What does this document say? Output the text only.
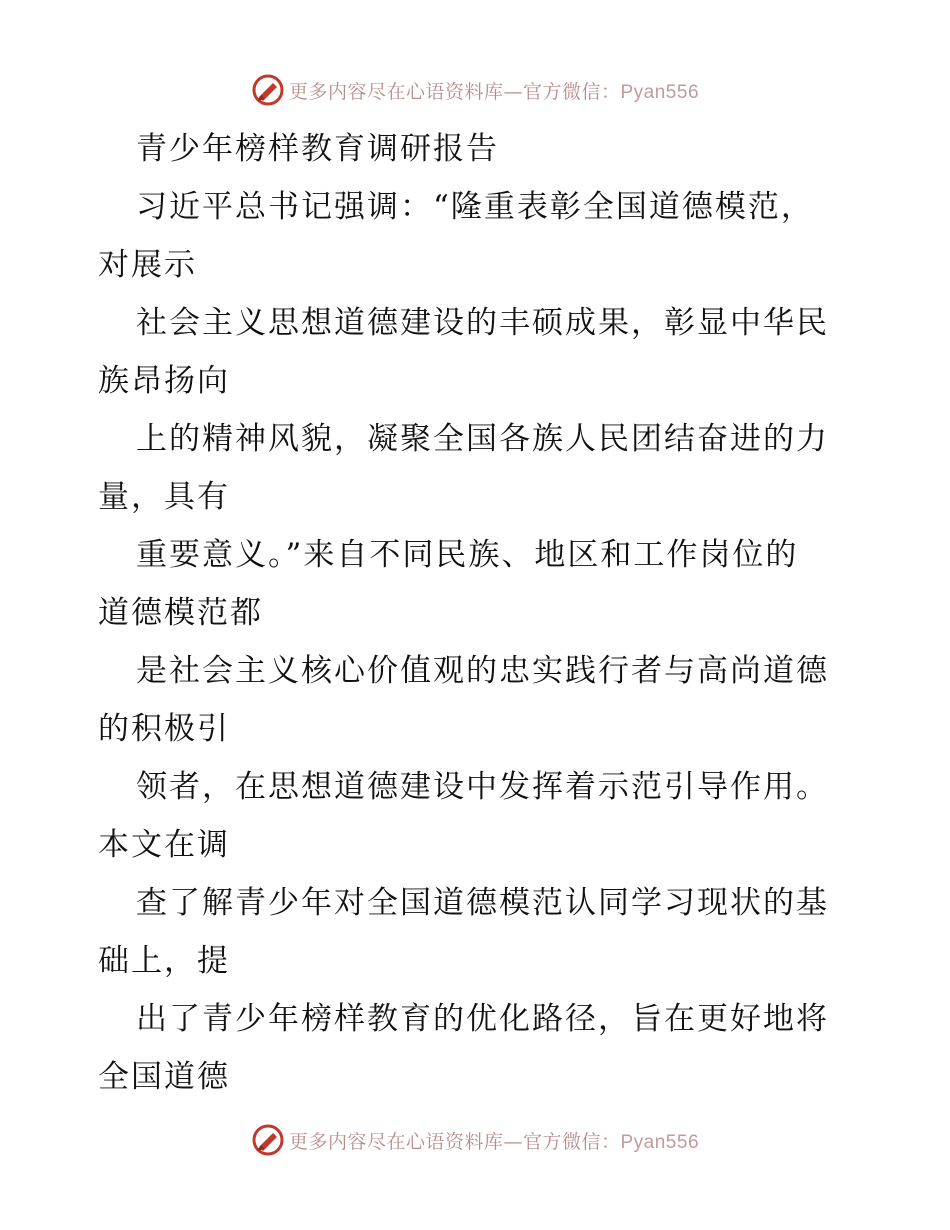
更多内容尽在心语资料库—官方微信：Pyan556
青少年榜样教育调研报告
习近平总书记强调：“隆重表彰全国道德模范，
对展示
社会主义思想道德建设的丰硕成果，彰显中华民
族昂扬向
上的精神风貌，凝聚全国各族人民团结奋进的力
量，具有
重要意义。”来自不同民族、地区和工作岗位的
道德模范都
是社会主义核心价值观的忠实践行者与高尚道德
的积极引
领者，在思想道德建设中发挥着示范引导作用。
本文在调
查了解青少年对全国道德模范认同学习现状的基
础上，提
出了青少年榜样教育的优化路径，旨在更好地将
全国道德
更多内容尽在心语资料库—官方微信：Pyan556
